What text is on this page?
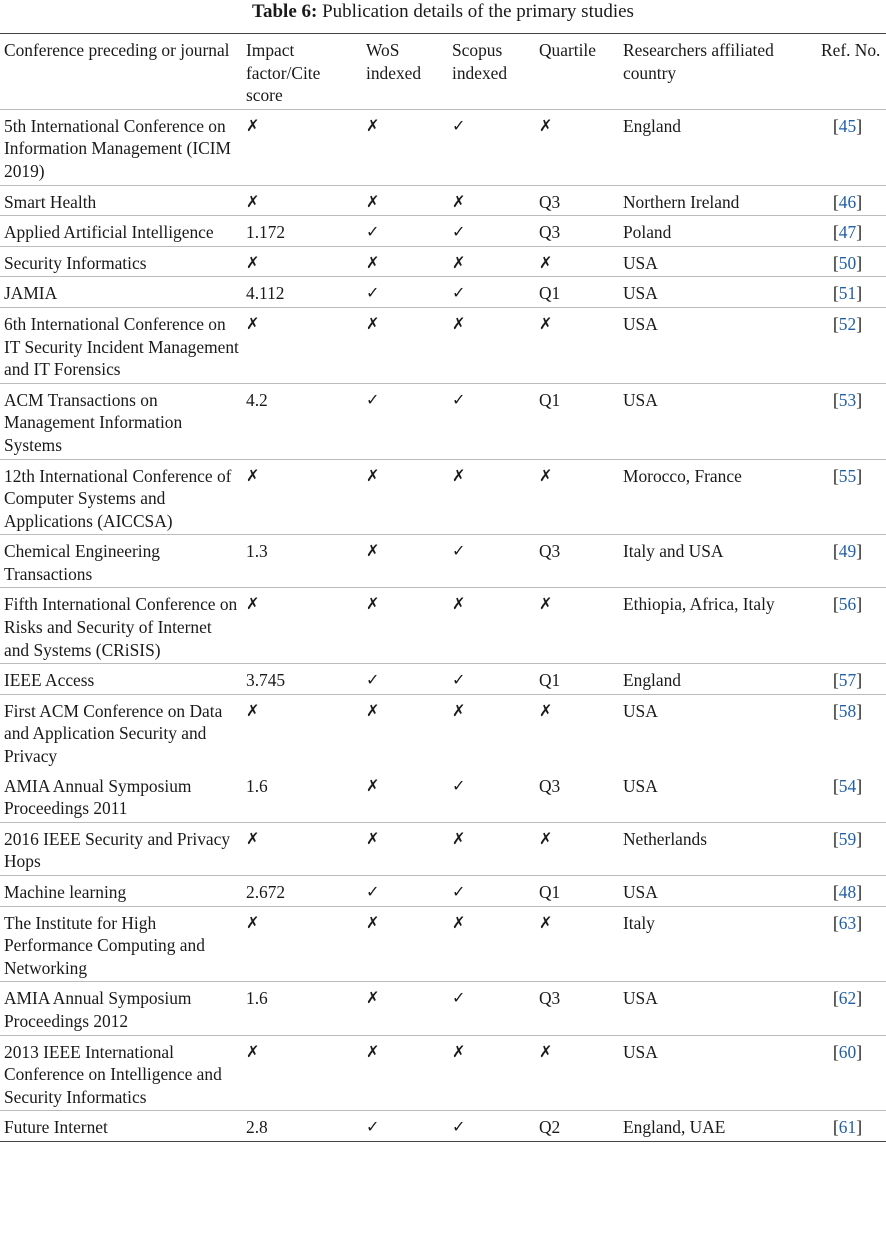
Table 6: Publication details of the primary studies
Conference preceding or journal	Impact factor/Cite score	WoS indexed	Scopus indexed	Quartile	Researchers affiliated country	Ref. No.
5th International Conference on Information Management (ICIM 2019)	✗	✗	✓	✗	England	[45]
Smart Health	✗	✗	✗	Q3	Northern Ireland	[46]
Applied Artificial Intelligence	1.172	✓	✓	Q3	Poland	[47]
Security Informatics	✗	✗	✗	✗	USA	[50]
JAMIA	4.112	✓	✓	Q1	USA	[51]
6th International Conference on IT Security Incident Management and IT Forensics	✗	✗	✗	✗	USA	[52]
ACM Transactions on Management Information Systems	4.2	✓	✓	Q1	USA	[53]
12th International Conference of Computer Systems and Applications (AICCSA)	✗	✗	✗	✗	Morocco, France	[55]
Chemical Engineering Transactions	1.3	✗	✓	Q3	Italy and USA	[49]
Fifth International Conference on Risks and Security of Internet and Systems (CRiSIS)	✗	✗	✗	✗	Ethiopia, Africa, Italy	[56]
IEEE Access	3.745	✓	✓	Q1	England	[57]
First ACM Conference on Data and Application Security and Privacy	✗	✗	✗	✗	USA	[58]
AMIA Annual Symposium Proceedings 2011	1.6	✗	✓	Q3	USA	[54]
2016 IEEE Security and Privacy Hops	✗	✗	✗	✗	Netherlands	[59]
Machine learning	2.672	✓	✓	Q1	USA	[48]
The Institute for High Performance Computing and Networking	✗	✗	✗	✗	Italy	[63]
AMIA Annual Symposium Proceedings 2012	1.6	✗	✓	Q3	USA	[62]
2013 IEEE International Conference on Intelligence and Security Informatics	✗	✗	✗	✗	USA	[60]
Future Internet	2.8	✓	✓	Q2	England, UAE	[61]
